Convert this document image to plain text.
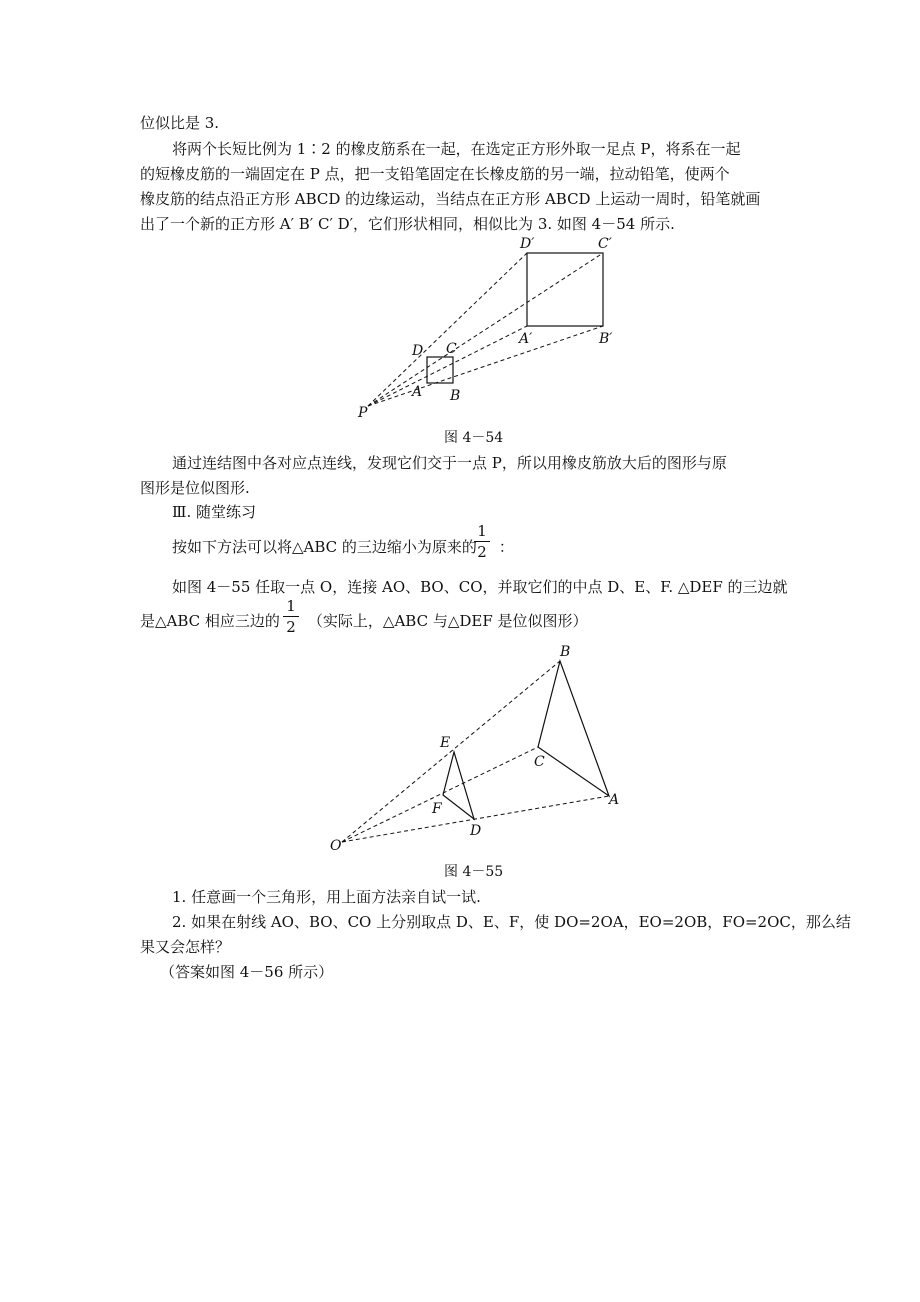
位似比是 3.
将两个长短比例为 1∶2 的橡皮筋系在一起，在选定正方形外取一足点 P，将系在一起
的短橡皮筋的一端固定在 P 点，把一支铅笔固定在长橡皮筋的另一端，拉动铅笔，使两个
橡皮筋的结点沿正方形 ABCD 的边缘运动，当结点在正方形 ABCD 上运动一周时，铅笔就画
出了一个新的正方形 A′ B′ C′ D′，它们形状相同，相似比为 3. 如图 4－54 所示.
D′	C′
A′	B′
D C
A B
P
图 4－54
通过连结图中各对应点连线，发现它们交于一点 P，所以用橡皮筋放大后的图形与原
图形是位似图形.
Ⅲ. 随堂练习
按如下方法可以将△ABC 的三边缩小为原来的 ：
1
2
如图 4－55 任取一点 O，连接 AO、BO、CO，并取它们的中点 D、E、F. △DEF 的三边就
是△ABC 相应三边的 （实际上，△ABC 与△DEF 是位似图形）
1
2
B
C
A
E
F
D
O
图 4－55
1. 任意画一个三角形，用上面方法亲自试一试.
2. 如果在射线 AO、BO、CO 上分别取点 D、E、F，使 DO=2OA，EO=2OB，FO=2OC，那么结
果又会怎样？
（答案如图 4－56 所示）
